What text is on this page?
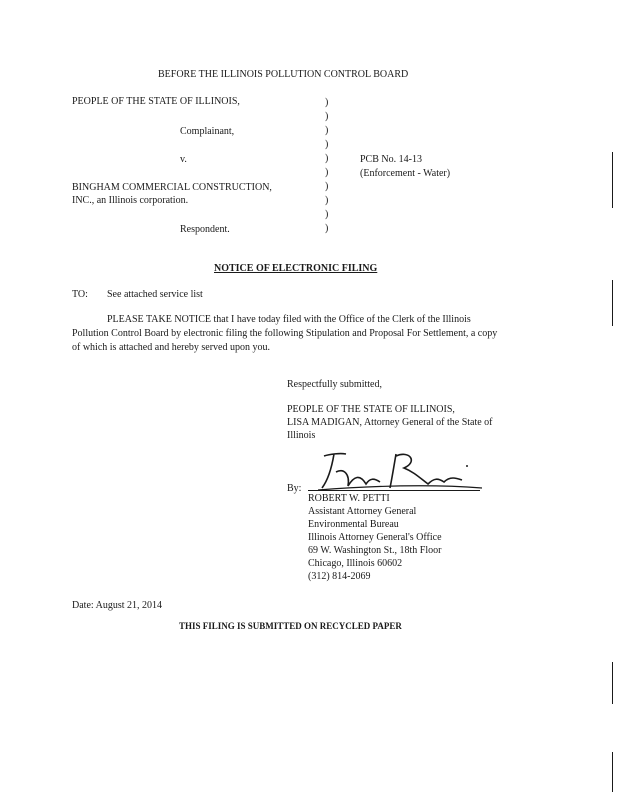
BEFORE THE ILLINOIS POLLUTION CONTROL BOARD
PEOPLE OF THE STATE OF ILLINOIS,
Complainant,
v.
BINGHAM COMMERCIAL CONSTRUCTION,
INC., an Illinois corporation.
Respondent.
)
)
)
)
)
)
)
)
)
)
PCB No. 14-13
(Enforcement - Water)
NOTICE OF ELECTRONIC FILING
TO: See attached service list
PLEASE TAKE NOTICE that I have today filed with the Office of the Clerk of the Illinois
Pollution Control Board by electronic filing the following Stipulation and Proposal For Settlement, a copy
of which is attached and hereby served upon you.
Respectfully submitted,
PEOPLE OF THE STATE OF ILLINOIS,
LISA MADIGAN, Attorney General of the State of
Illinois
By:
ROBERT W. PETTI
Assistant Attorney General
Environmental Bureau
Illinois Attorney General's Office
69 W. Washington St., 18th Floor
Chicago, Illinois 60602
(312) 814-2069
Date: August 21, 2014
THIS FILING IS SUBMITTED ON RECYCLED PAPER
